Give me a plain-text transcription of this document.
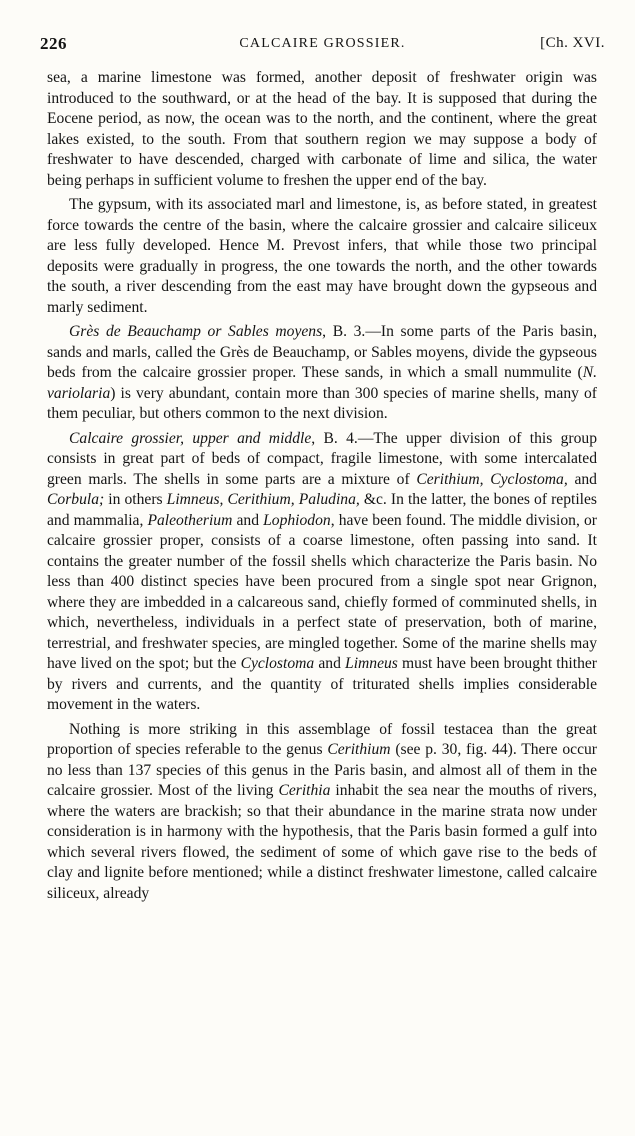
226	CALCAIRE GROSSIER.	[Ch. XVI.

sea, a marine limestone was formed, another deposit of freshwater origin was introduced to the southward, or at the head of the bay. It is supposed that during the Eocene period, as now, the ocean was to the north, and the continent, where the great lakes existed, to the south. From that southern region we may suppose a body of freshwater to have descended, charged with carbonate of lime and silica, the water being perhaps in sufficient volume to freshen the upper end of the bay.

The gypsum, with its associated marl and limestone, is, as before stated, in greatest force towards the centre of the basin, where the calcaire grossier and calcaire siliceux are less fully developed. Hence M. Prevost infers, that while those two principal deposits were gradually in progress, the one towards the north, and the other towards the south, a river descending from the east may have brought down the gypseous and marly sediment.

Grès de Beauchamp or Sables moyens, B. 3.—In some parts of the Paris basin, sands and marls, called the Grès de Beauchamp, or Sables moyens, divide the gypseous beds from the calcaire grossier proper. These sands, in which a small nummulite (N. variolaria) is very abundant, contain more than 300 species of marine shells, many of them peculiar, but others common to the next division.

Calcaire grossier, upper and middle, B. 4.—The upper division of this group consists in great part of beds of compact, fragile limestone, with some intercalated green marls. The shells in some parts are a mixture of Cerithium, Cyclostoma, and Corbula; in others Limneus, Cerithium, Paludina, &c. In the latter, the bones of reptiles and mammalia, Paleotherium and Lophiodon, have been found. The middle division, or calcaire grossier proper, consists of a coarse limestone, often passing into sand. It contains the greater number of the fossil shells which characterize the Paris basin. No less than 400 distinct species have been procured from a single spot near Grignon, where they are imbedded in a calcareous sand, chiefly formed of comminuted shells, in which, nevertheless, individuals in a perfect state of preservation, both of marine, terrestrial, and freshwater species, are mingled together. Some of the marine shells may have lived on the spot; but the Cyclostoma and Limneus must have been brought thither by rivers and currents, and the quantity of triturated shells implies considerable movement in the waters.

Nothing is more striking in this assemblage of fossil testacea than the great proportion of species referable to the genus Cerithium (see p. 30, fig. 44). There occur no less than 137 species of this genus in the Paris basin, and almost all of them in the calcaire grossier. Most of the living Cerithia inhabit the sea near the mouths of rivers, where the waters are brackish; so that their abundance in the marine strata now under consideration is in harmony with the hypothesis, that the Paris basin formed a gulf into which several rivers flowed, the sediment of some of which gave rise to the beds of clay and lignite before mentioned; while a distinct freshwater limestone, called calcaire siliceux, already
